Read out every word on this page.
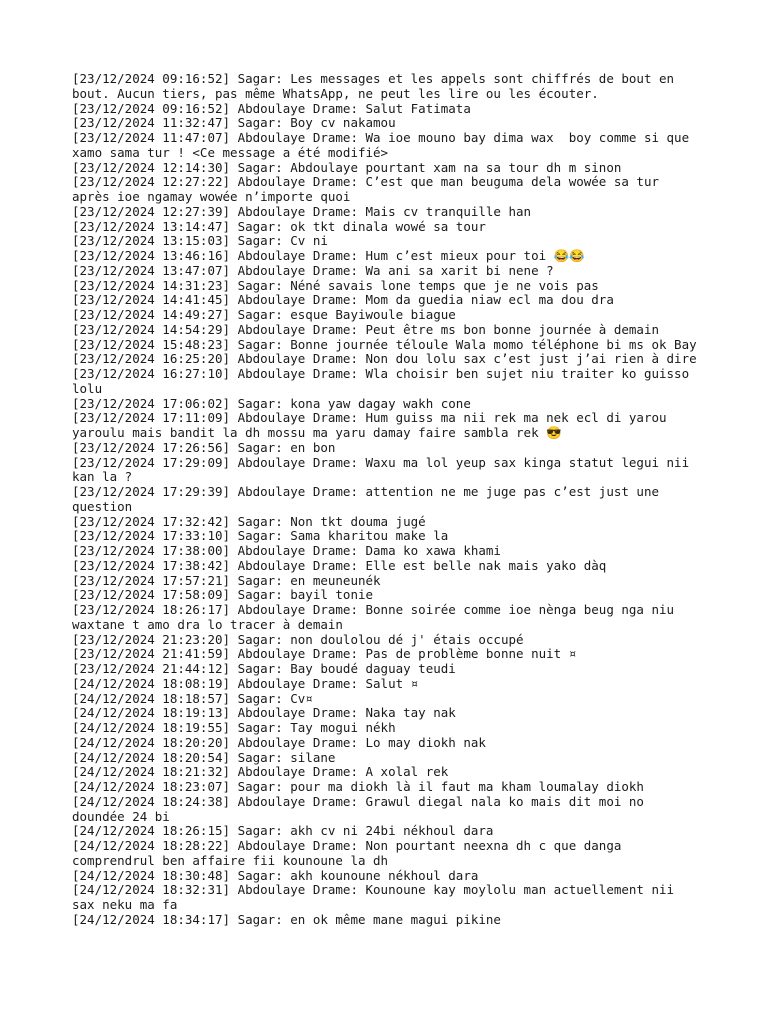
[23/12/2024 09:16:52] Sagar: Les messages et les appels sont chiffrés de bout en bout. Aucun tiers, pas même WhatsApp, ne peut les lire ou les écouter.

[23/12/2024 09:16:52] Abdoulaye Drame: Salut Fatimata

[23/12/2024 11:32:47] Sagar: Boy cv nakamou

[23/12/2024 11:47:07] Abdoulaye Drame: Wa ioe mouno bay dima wax  boy comme si que xamo sama tur ! <Ce message a été modifié>

[23/12/2024 12:14:30] Sagar: Abdoulaye pourtant xam na sa tour dh m sinon

[23/12/2024 12:27:22] Abdoulaye Drame: C’est que man beuguma dela wowée sa tur après ioe ngamay wowée n’importe quoi

[23/12/2024 12:27:39] Abdoulaye Drame: Mais cv tranquille han

[23/12/2024 13:14:47] Sagar: ok tkt dinala wowé sa tour

[23/12/2024 13:15:03] Sagar: Cv ni

[23/12/2024 13:46:16] Abdoulaye Drame: Hum c’est mieux pour toi 😂😂

[23/12/2024 13:47:07] Abdoulaye Drame: Wa ani sa xarit bi nene ?

[23/12/2024 14:31:23] Sagar: Néné savais lone temps que je ne vois pas

[23/12/2024 14:41:45] Abdoulaye Drame: Mom da guedia niaw ecl ma dou dra

[23/12/2024 14:49:27] Sagar: esque Bayiwoule biague

[23/12/2024 14:54:29] Abdoulaye Drame: Peut être ms bon bonne journée à demain

[23/12/2024 15:48:23] Sagar: Bonne journée téloule Wala momo téléphone bi ms ok Bay

[23/12/2024 16:25:20] Abdoulaye Drame: Non dou lolu sax c’est just j’ai rien à dire

[23/12/2024 16:27:10] Abdoulaye Drame: Wla choisir ben sujet niu traiter ko guisso lolu

[23/12/2024 17:06:02] Sagar: kona yaw dagay wakh cone

[23/12/2024 17:11:09] Abdoulaye Drame: Hum guiss ma nii rek ma nek ecl di yarou yaroulu mais bandit la dh mossu ma yaru damay faire sambla rek 😎

[23/12/2024 17:26:56] Sagar: en bon

[23/12/2024 17:29:09] Abdoulaye Drame: Waxu ma lol yeup sax kinga statut legui nii kan la ?

[23/12/2024 17:29:39] Abdoulaye Drame: attention ne me juge pas c’est just une question

[23/12/2024 17:32:42] Sagar: Non tkt douma jugé

[23/12/2024 17:33:10] Sagar: Sama kharitou make la

[23/12/2024 17:38:00] Abdoulaye Drame: Dama ko xawa khami

[23/12/2024 17:38:42] Abdoulaye Drame: Elle est belle nak mais yako dàq

[23/12/2024 17:57:21] Sagar: en meuneunék

[23/12/2024 17:58:09] Sagar: bayil tonie

[23/12/2024 18:26:17] Abdoulaye Drame: Bonne soirée comme ioe nènga beug nga niu waxtane t amo dra lo tracer à demain

[23/12/2024 21:23:20] Sagar: non doulolou dé j' étais occupé

[23/12/2024 21:41:59] Abdoulaye Drame: Pas de problème bonne nuit ¤

[23/12/2024 21:44:12] Sagar: Bay boudé daguay teudi

[24/12/2024 18:08:19] Abdoulaye Drame: Salut ¤

[24/12/2024 18:18:57] Sagar: Cv¤

[24/12/2024 18:19:13] Abdoulaye Drame: Naka tay nak

[24/12/2024 18:19:55] Sagar: Tay mogui nékh

[24/12/2024 18:20:20] Abdoulaye Drame: Lo may diokh nak

[24/12/2024 18:20:54] Sagar: silane

[24/12/2024 18:21:32] Abdoulaye Drame: A xolal rek

[24/12/2024 18:23:07] Sagar: pour ma diokh là il faut ma kham loumalay diokh

[24/12/2024 18:24:38] Abdoulaye Drame: Grawul diegal nala ko mais dit moi no doundée 24 bi

[24/12/2024 18:26:15] Sagar: akh cv ni 24bi nékhoul dara

[24/12/2024 18:28:22] Abdoulaye Drame: Non pourtant neexna dh c que danga comprendrul ben affaire fii kounoune la dh

[24/12/2024 18:30:48] Sagar: akh kounoune nékhoul dara

[24/12/2024 18:32:31] Abdoulaye Drame: Kounoune kay moylolu man actuellement nii sax neku ma fa

[24/12/2024 18:34:17] Sagar: en ok même mane magui pikine
